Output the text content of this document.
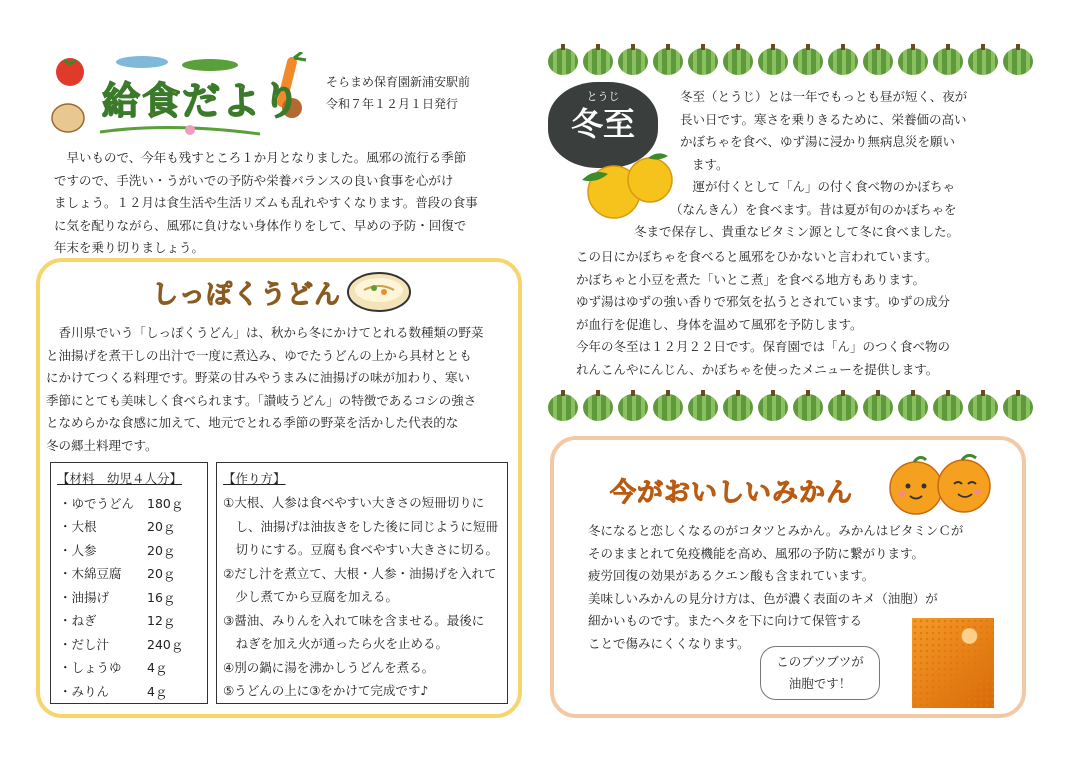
給食だより そらまめ保育園新浦安駅前
令和７年１２月１日発行
　早いもので、今年も残すところ１か月となりました。風邪の流行る季節
ですので、手洗い・うがいでの予防や栄養バランスの良い食事を心がけ
ましょう。１２月は食生活や生活リズムも乱れやすくなります。普段の食事
に気を配りながら、風邪に負けない身体作りをして、早めの予防・回復で
年末を乗り切りましょう。
しっぽくうどん
　香川県でいう「しっぽくうどん」は、秋から冬にかけてとれる数種類の野菜
と油揚げを煮干しの出汁で一度に煮込み、ゆでたうどんの上から具材ととも
にかけてつくる料理です。野菜の甘みやうまみに油揚げの味が加わり、寒い
季節にとても美味しく食べられます。「讃岐うどん」の特徴であるコシの強さ
となめらかな食感に加えて、地元でとれる季節の野菜を活かした代表的な
冬の郷土料理です。
【材料　幼児４人分】
・ゆでうどん	180ｇ
・大根	20ｇ
・人参	20ｇ
・木綿豆腐	20ｇ
・油揚げ	16ｇ
・ねぎ	12ｇ
・だし汁	240ｇ
・しょうゆ	4ｇ
・みりん	4ｇ
【作り方】
①大根、人参は食べやすい大きさの短冊切りに
　し、油揚げは油抜きをした後に同じように短冊
　切りにする。豆腐も食べやすい大きさに切る。
②だし汁を煮立て、大根・人参・油揚げを入れて
　少し煮てから豆腐を加える。
③醤油、みりんを入れて味を含ませる。最後に
　ねぎを加え火が通ったら火を止める。
④別の鍋に湯を沸かしうどんを煮る。
⑤うどんの上に③をかけて完成です♪
とうじ
冬至
冬至（とうじ）とは一年でもっとも昼が短く、夜が
長い日です。寒さを乗りきるために、栄養価の高い
かぼちゃを食べ、ゆず湯に浸かり無病息災を願い
ます。
　運が付くとして「ん」の付く食べ物のかぼちゃ
（なんきん）を食べます。昔は夏が旬のかぼちゃを
冬まで保存し、貴重なビタミン源として冬に食べました。
この日にかぼちゃを食べると風邪をひかないと言われています。
かぼちゃと小豆を煮た「いとこ煮」を食べる地方もあります。
ゆず湯はゆずの強い香りで邪気を払うとされています。ゆずの成分
が血行を促進し、身体を温めて風邪を予防します。
今年の冬至は１２月２２日です。保育園では「ん」のつく食べ物の
れんこんやにんじん、かぼちゃを使ったメニューを提供します。
今がおいしいみかん
冬になると恋しくなるのがコタツとみかん。みかんはビタミンＣが
そのままとれて免疫機能を高め、風邪の予防に繋がります。
疲労回復の効果があるクエン酸も含まれています。
美味しいみかんの見分け方は、色が濃く表面のキメ（油胞）が
細かいものです。またヘタを下に向けて保管する
ことで傷みにくくなります。
このブツブツが
油胞です！
